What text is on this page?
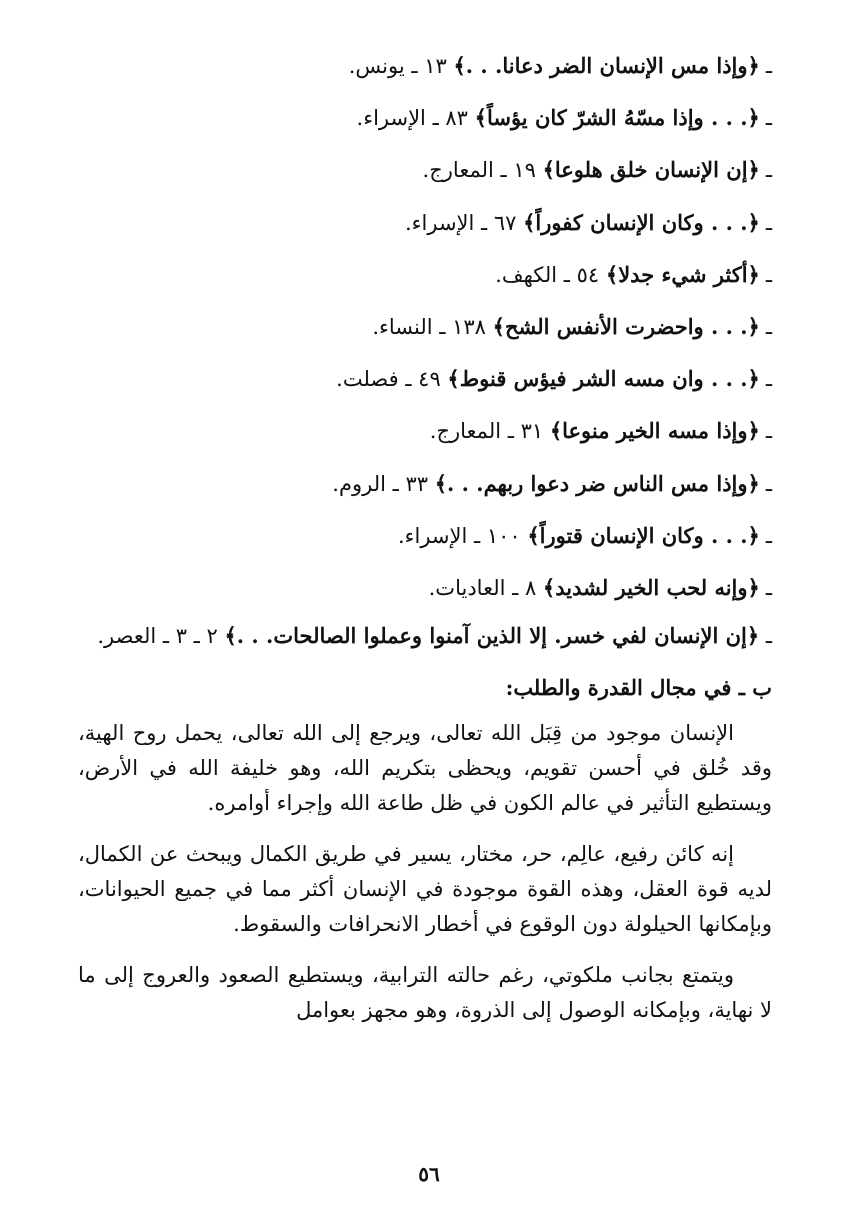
ـ﴿وإذا مس الإنسان الضر دعانا. . .﴾ ١٣ ـ يونس.
ـ﴿. . . وإذا مسّهُ الشرّ كان يؤساً﴾ ٨٣ ـ الإسراء.
ـ﴿إن الإنسان خلق هلوعا﴾ ١٩ ـ المعارج.
ـ﴿. . . وكان الإنسان كفوراً﴾ ٦٧ ـ الإسراء.
ـ﴿أكثر شيء جدلا﴾ ٥٤ ـ الكهف.
ـ﴿. . . واحضرت الأنفس الشح﴾ ١٣٨ ـ النساء.
ـ﴿. . . وان مسه الشر فيؤس قنوط﴾ ٤٩ ـ فصلت.
ـ﴿وإذا مسه الخير منوعا﴾ ٣١ ـ المعارج.
ـ﴿وإذا مس الناس ضر دعوا ربهم. . .﴾ ٣٣ ـ الروم.
ـ﴿. . . وكان الإنسان قتوراً﴾ ١٠٠ ـ الإسراء.
ـ﴿وإنه لحب الخير لشديد﴾ ٨ ـ العاديات.
ـ ﴿إن الإنسان لفي خسر. إلا الذين آمنوا وعملوا الصالحات. . .﴾ ٢ ـ ٣ ـ العصر.
ب ـ في مجال القدرة والطلب:

الإنسان موجود من قِبَل الله تعالى، ويرجع إلى الله تعالى، يحمل روح الهية، وقد خُلق في أحسن تقويم، ويحظى بتكريم الله، وهو خليفة الله في الأرض، ويستطيع التأثير في عالم الكون في ظل طاعة الله وإجراء أوامره.

إنه كائن رفيع، عالِم، حر، مختار، يسير في طريق الكمال ويبحث عن الكمال، لديه قوة العقل، وهذه القوة موجودة في الإنسان أكثر مما في جميع الحيوانات، وبإمكانها الحيلولة دون الوقوع في أخطار الانحرافات والسقوط.

ويتمتع بجانب ملكوتي، رغم حالته الترابية، ويستطيع الصعود والعروج إلى ما لا نهاية، وبإمكانه الوصول إلى الذروة، وهو مجهز بعوامل

٥٦
